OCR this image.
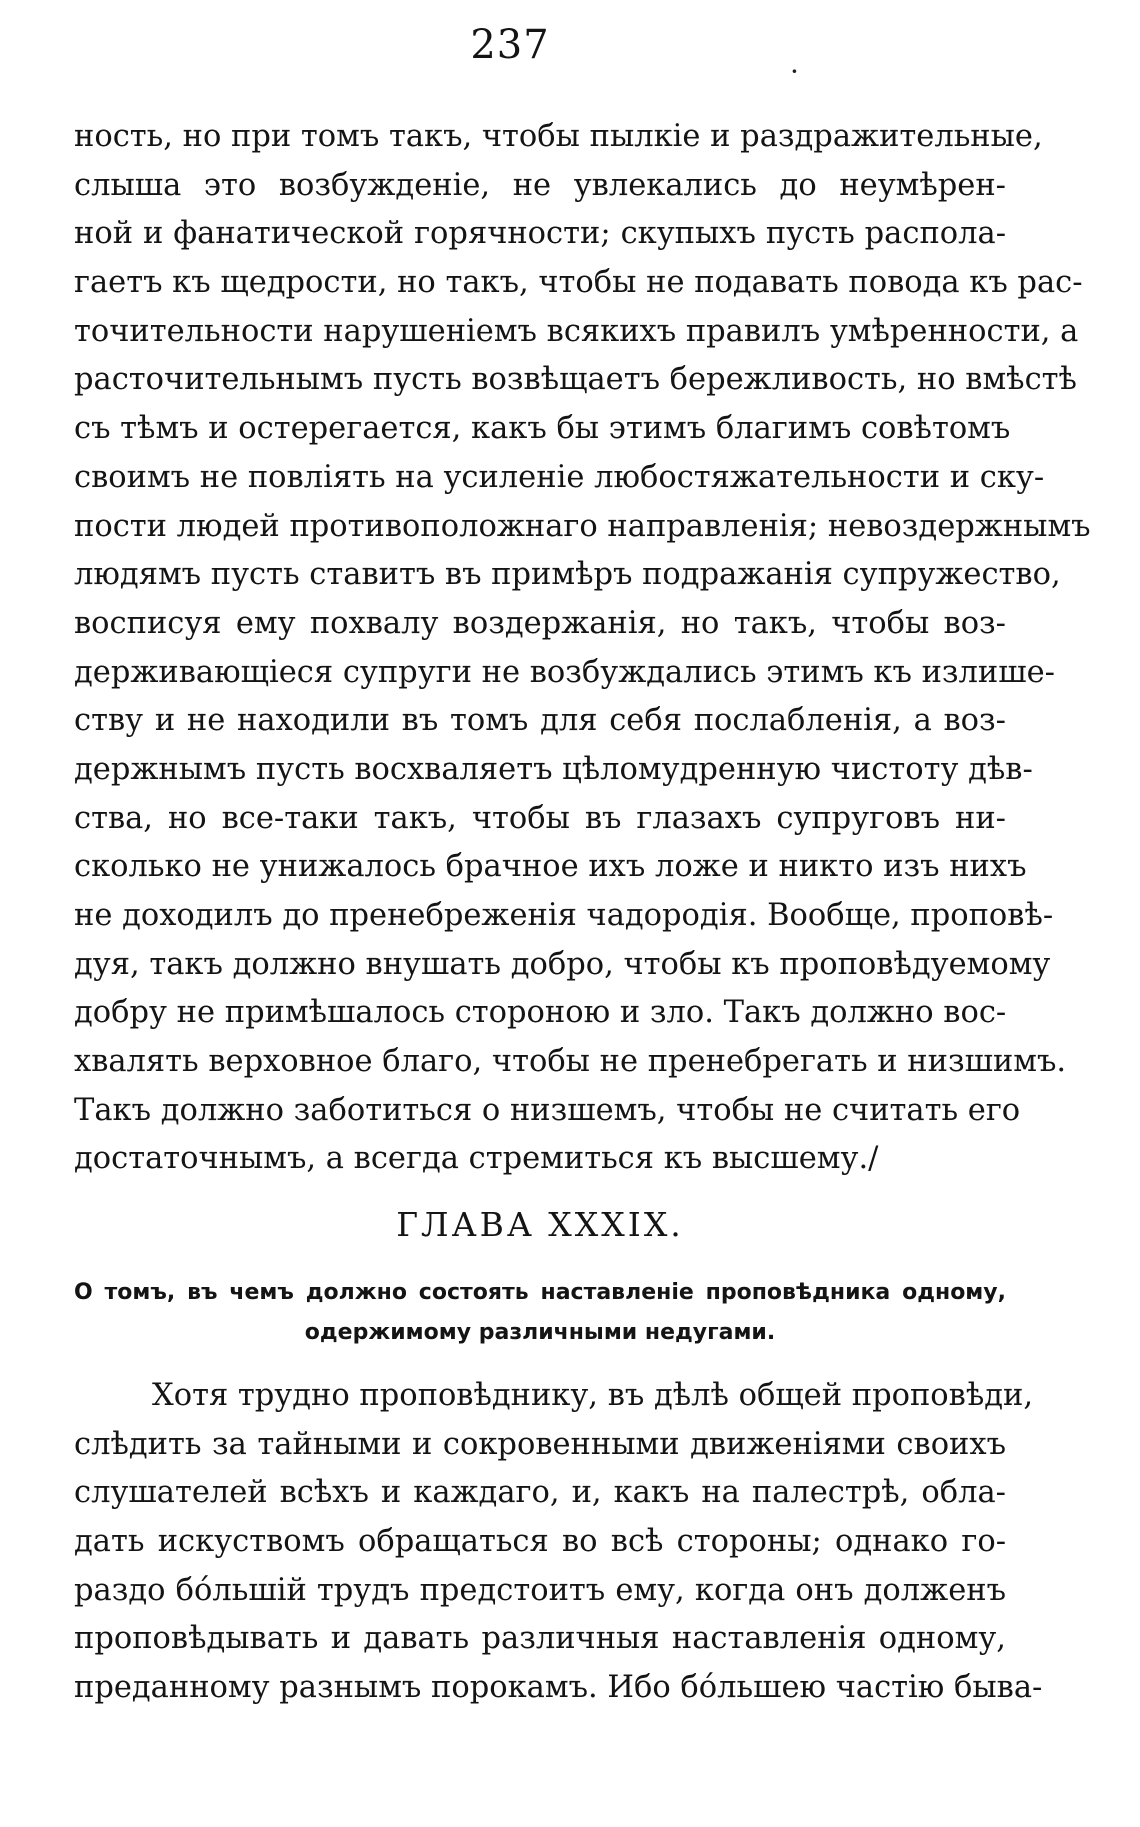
237
·
ность, но при томъ такъ, чтобы пылкіе и раздражительные,
слыша это возбужденіе, не увлекались до неумѣрен-
ной и фанатической горячности; скупыхъ пусть распола-
гаетъ къ щедрости, но такъ, чтобы не подавать повода къ рас-
точительности нарушеніемъ всякихъ правилъ умѣренности, а
расточительнымъ пусть возвѣщаетъ бережливость, но вмѣстѣ
съ тѣмъ и остерегается, какъ бы этимъ благимъ совѣтомъ
своимъ не повліять на усиленіе любостяжательности и ску-
пости людей противоположнаго направленія; невоздержнымъ
людямъ пусть ставитъ въ примѣръ подражанія супружество,
восписуя ему похвалу воздержанія, но такъ, чтобы воз-
держивающіеся супруги не возбуждались этимъ къ излише-
ству и не находили въ томъ для себя послабленія, а воз-
держнымъ пусть восхваляетъ цѣломудренную чистоту дѣв-
ства, но все-таки такъ, чтобы въ глазахъ супруговъ ни-
сколько не унижалось брачное ихъ ложе и никто изъ нихъ
не доходилъ до пренебреженія чадородія. Вообще, проповѣ-
дуя, такъ должно внушать добро, чтобы къ проповѣдуемому
добру не примѣшалось стороною и зло. Такъ должно вос-
хвалять верховное благо, чтобы не пренебрегать и низшимъ.
Такъ должно заботиться о низшемъ, чтобы не считать его
достаточнымъ, а всегда стремиться къ высшему./
ГЛАВА XXXIX.
О томъ, въ чемъ должно состоять наставленіе проповѣдника одному,
одержимому различными недугами.
Хотя трудно проповѣднику, въ дѣлѣ общей проповѣди,
слѣдить за тайными и сокровенными движеніями своихъ
слушателей всѣхъ и каждаго, и, какъ на палестрѣ, обла-
дать искуствомъ обращаться во всѣ стороны; однако го-
раздо бо́льшій трудъ предстоитъ ему, когда онъ долженъ
проповѣдывать и давать различныя наставленія одному,
преданному разнымъ порокамъ. Ибо бо́льшею частію быва-
